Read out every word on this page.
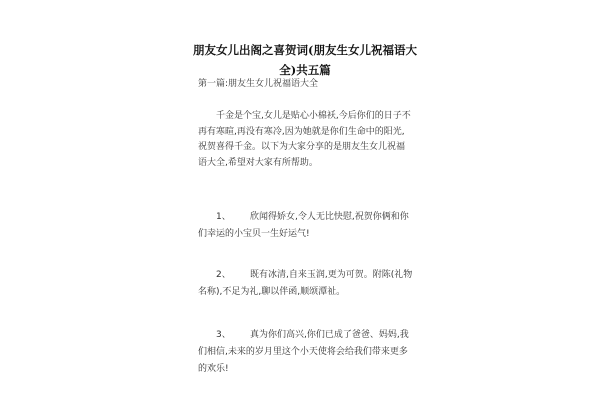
朋友女儿出阁之喜贺词(朋友生女儿祝福语大全)共五篇
第一篇:朋友生女儿祝福语大全
千金是个宝,女儿是贴心小棉袄,今后你们的日子不再有寒暄,再没有寒冷,因为她就是你们生命中的阳光,祝贺喜得千金。以下为大家分享的是朋友生女儿祝福语大全,希望对大家有所帮助。
1、 欣闻得娇女,令人无比快慰,祝贺你俩和你们幸运的小宝贝一生好运气!
2、 既有冰清,自来玉润,更为可贺。附陈(礼物名称),不足为礼,聊以伴函,顺颂潭祉。
3、 真为你们高兴,你们已成了爸爸、妈妈,我们相信,未来的岁月里这个小天使将会给我们带来更多的欢乐!
